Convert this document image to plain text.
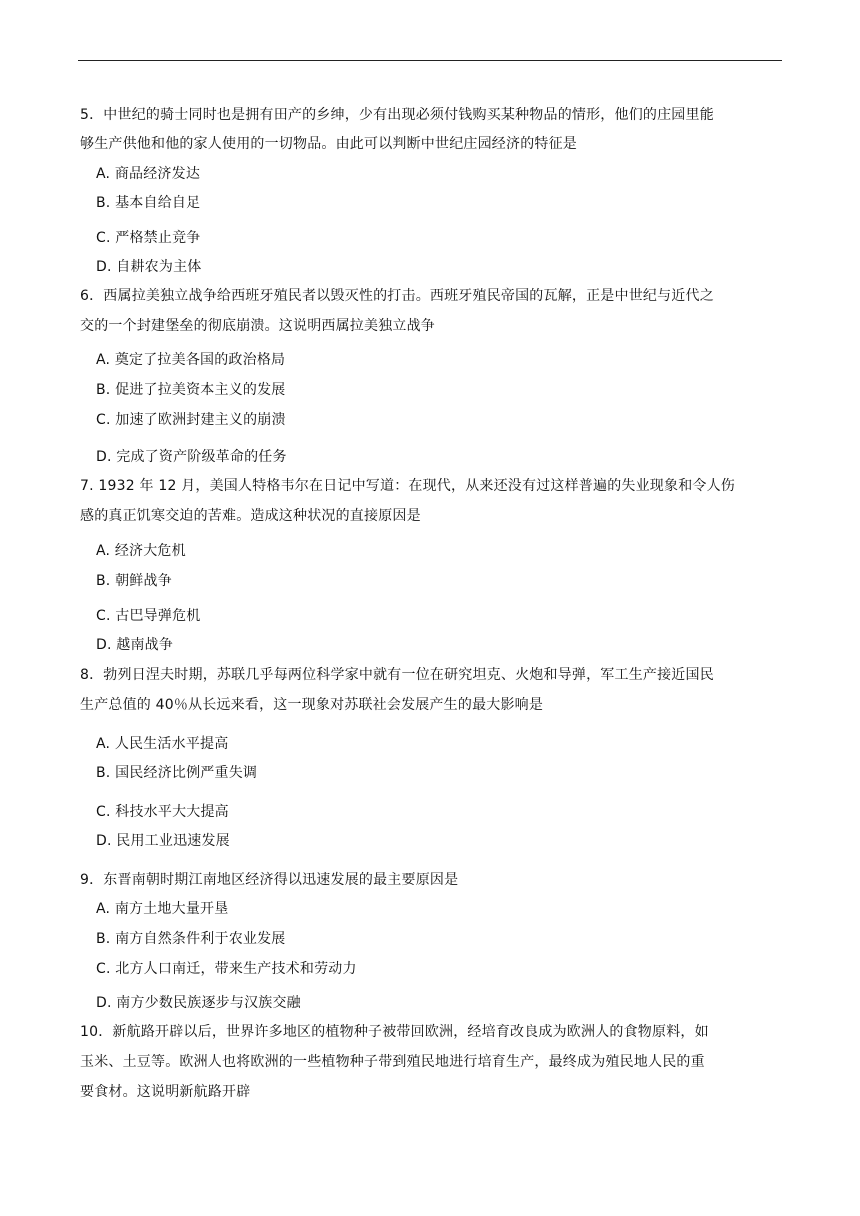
5．中世纪的骑士同时也是拥有田产的乡绅，少有出现必须付钱购买某种物品的情形，他们的庄园里能
够生产供他和他的家人使用的一切物品。由此可以判断中世纪庄园经济的特征是
A. 商品经济发达
B. 基本自给自足
C. 严格禁止竞争
D. 自耕农为主体
6．西属拉美独立战争给西班牙殖民者以毁灭性的打击。西班牙殖民帝国的瓦解，正是中世纪与近代之
交的一个封建堡垒的彻底崩溃。这说明西属拉美独立战争
A. 奠定了拉美各国的政治格局
B. 促进了拉美资本主义的发展
C. 加速了欧洲封建主义的崩溃
D. 完成了资产阶级革命的任务
7. 1932 年 12 月，美国人特格韦尔在日记中写道：在现代，从来还没有过这样普遍的失业现象和令人伤
感的真正饥寒交迫的苦难。造成这种状况的直接原因是
A. 经济大危机
B. 朝鲜战争
C. 古巴导弹危机
D. 越南战争
8．勃列日涅夫时期，苏联几乎每两位科学家中就有一位在研究坦克、火炮和导弹，军工生产接近国民
生产总值的 40％从长远来看，这一现象对苏联社会发展产生的最大影响是
A. 人民生活水平提高
B. 国民经济比例严重失调
C. 科技水平大大提高
D. 民用工业迅速发展
9．东晋南朝时期江南地区经济得以迅速发展的最主要原因是
A. 南方土地大量开垦
B. 南方自然条件利于农业发展
C. 北方人口南迁，带来生产技术和劳动力
D. 南方少数民族逐步与汉族交融
10．新航路开辟以后，世界许多地区的植物种子被带回欧洲，经培育改良成为欧洲人的食物原料，如
玉米、土豆等。欧洲人也将欧洲的一些植物种子带到殖民地进行培育生产，最终成为殖民地人民的重
要食材。这说明新航路开辟
